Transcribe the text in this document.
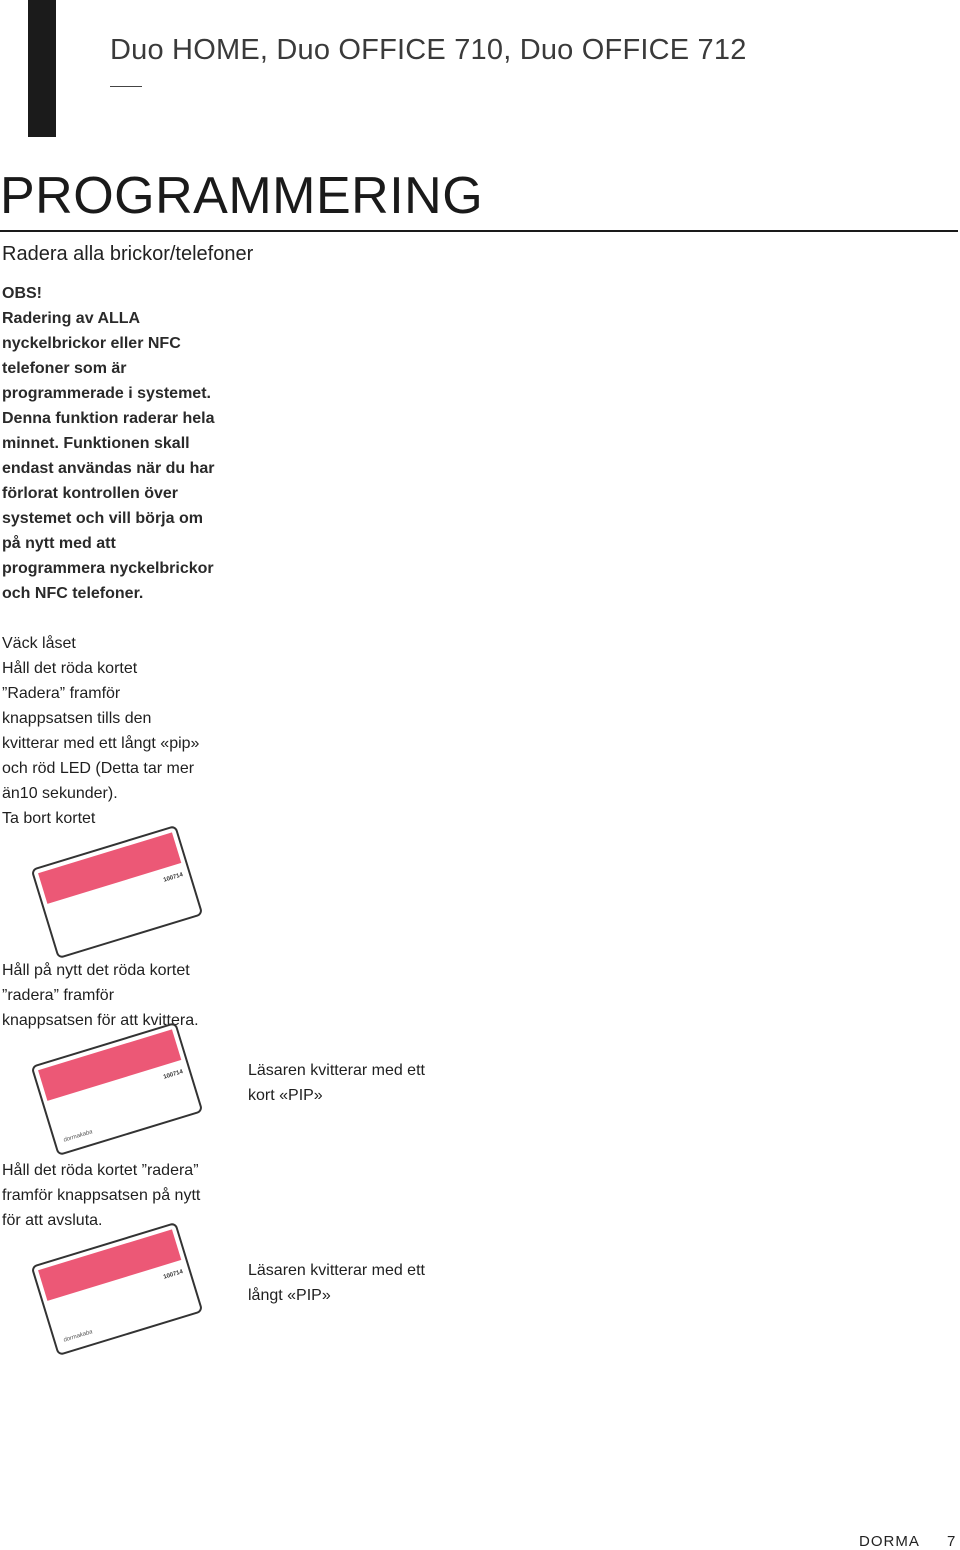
Duo HOME, Duo OFFICE 710, Duo OFFICE 712
PROGRAMMERING
Radera alla brickor/telefoner

OBS!
Radering av ALLA
nyckelbrickor eller NFC
telefoner som är
programmerade i systemet.
Denna funktion raderar hela
minnet. Funktionen skall
endast användas när du har
förlorat kontrollen över
systemet och vill börja om
på nytt med att
programmera nyckelbrickor
och NFC telefoner.

Väck låset
Håll det röda kortet
”Radera” framför
knappsatsen tills den
kvitterar med ett långt «pip»
och röd LED (Detta tar mer
än10 sekunder).
Ta bort kortet

100714

Håll på nytt det röda kortet
”radera” framför
knappsatsen för att kvittera.

100714
dormakaba

Läsaren kvitterar med ett
kort «PIP»

Håll det röda kortet ”radera”
framför knappsatsen på nytt
för att avsluta.

100714
dormakaba

Läsaren kvitterar med ett
långt «PIP»

DORMA 7
